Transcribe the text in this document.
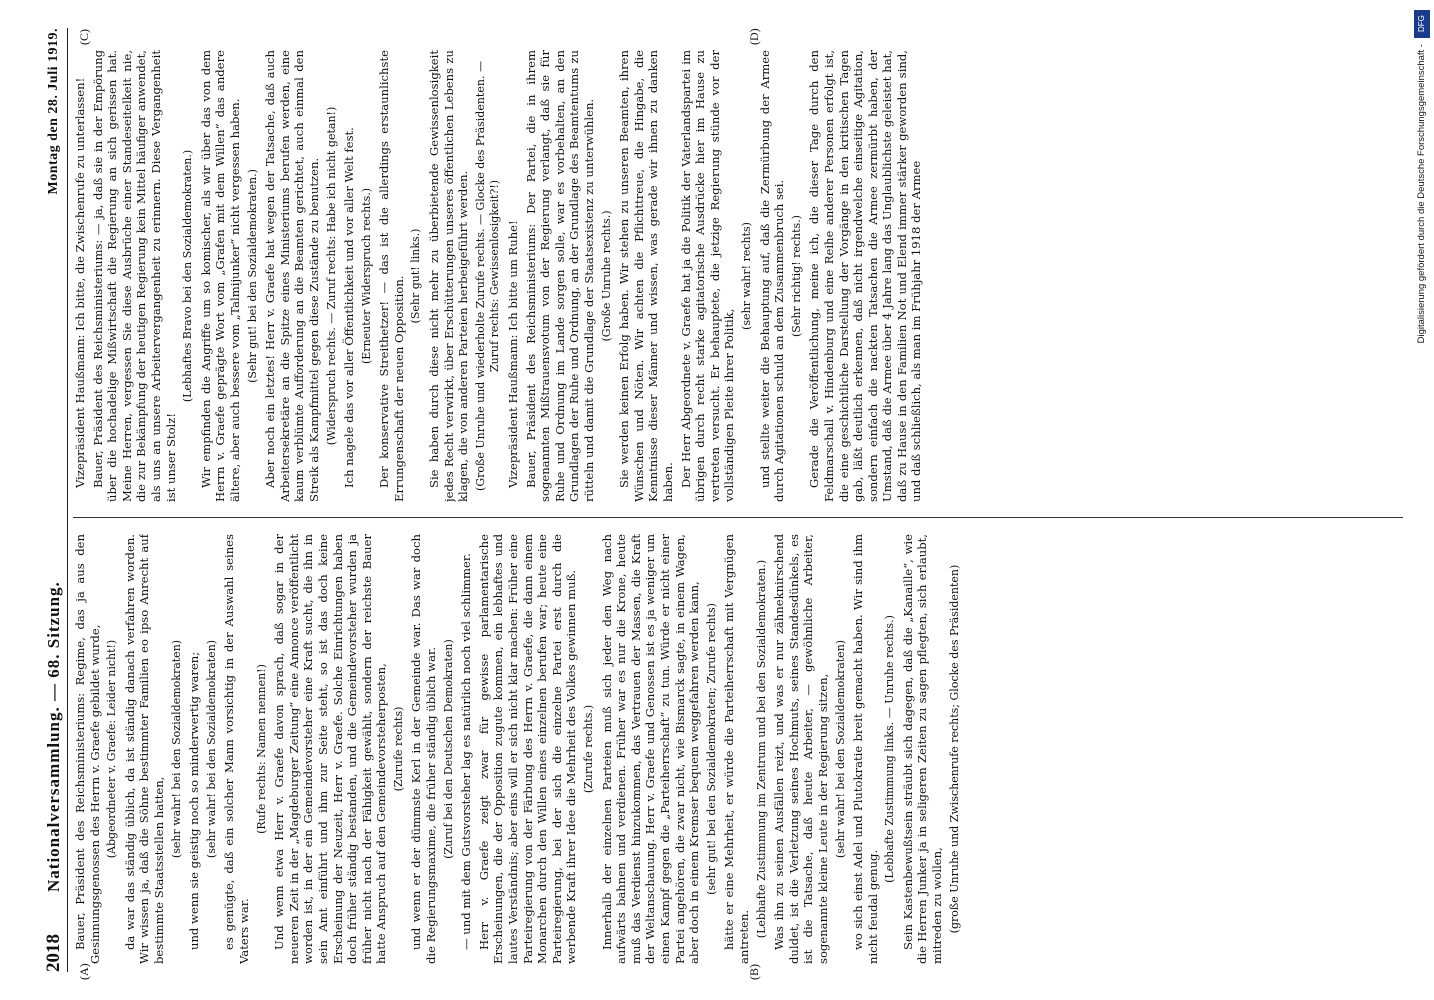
2018
Nationalversammlung. — 68. Sitzung.
Montag den 28. Juli 1919.
(A)	(B)
(C)	(D)

Bauer, Präsident des Reichsministeriums: Regime, das ja aus den Gesinnungsgenossen des Herrn v. Graefe gebildet wurde, (Abgeordneter v. Graefe: Leider nicht!) da war das ständig üblich, da ist ständig danach verfahren worden. Wir wissen ja, daß die Söhne bestimmter Familien eo ipso Anrecht auf bestimmte Staatsstellen hatten,

(sehr wahr! bei den Sozialdemokraten) und wenn sie geistig noch so minderwertig waren; (sehr wahr! bei den Sozialdemokraten) es genügte, daß ein solcher Mann vorsichtig in der Auswahl seines Vaters war.

(Rufe rechts: Namen nennen!) Und wenn etwa Herr v. Graefe davon sprach, daß sogar in der neueren Zeit in der „Magdeburger Zeitung“ eine Annonce veröffentlicht worden ist, in der ein Gemeindevorsteher eine Kraft sucht, die ihn in sein Amt einführt und ihm zur Seite steht, so ist das doch keine Erscheinung der Neuzeit, Herr v. Graefe. Solche Einrichtungen haben doch früher ständig bestanden, und die Gemeindevorsteher wurden ja früher nicht nach der Fähigkeit gewählt, sondern der reichste Bauer hatte Anspruch auf den Gemeindevorsteherposten, (Zurufe rechts) und wenn er der dümmste Kerl in der Gemeinde war. Das war doch die Regierungsmaxime, die früher ständig üblich war. (Zuruf bei den Deutschen Demokraten) — und mit dem Gutsvorsteher lag es natürlich noch viel schlimmer. Herr v. Graefe zeigt zwar für gewisse parlamentarische Erscheinungen, die der Opposition zugute kommen, ein lebhaftes und lautes Verständnis; aber eins will er sich nicht klar machen: Früher eine Parteiregierung von der Färbung des Herrn v. Graefe, die dann einem Monarchen durch den Willen eines einzelnen berufen war; heute eine Parteiregierung, bei der sich die einzelne Partei erst durch die werbende Kraft ihrer Idee die Mehrheit des Volkes gewinnen muß. (Zurufe rechts.) Innerhalb der einzelnen Parteien muß sich jeder den Weg nach aufwärts bahnen und verdienen. Früher war es nur die Krone, heute muß das Verdienst hinzukommen, das Vertrauen der Massen, die Kraft der Weltanschauung. Herr v. Graefe und Genossen ist es ja weniger um einen Kampf gegen die „Parteiherrschaft“ zu tun. Würde er nicht einer Partei angehören, die zwar nicht, wie Bismarck sagte, in einem Wagen, aber doch in einem Kremser bequem weggefahren werden kann, (sehr gut! bei den Sozialdemokraten; Zurufe rechts) hätte er eine Mehrheit, er würde die Parteiherrschaft mit Vergnügen antreten. (Lebhafte Zustimmung im Zentrum und bei den Sozialdemokraten.) Was ihn zu seinen Ausfällen reizt, und was er nur zähneknirschend duldet, ist die Verletzung seines Hochmuts, seines Standesdünkels, es ist die Tatsache, daß heute Arbeiter, — gewöhnliche Arbeiter, sogenannte kleine Leute in der Regierung sitzen, (sehr wahr! bei den Sozialdemokraten) wo sich einst Adel und Plutokratie breit gemacht haben. Wir sind ihm nicht feudal genug.

(Lebhafte Zustimmung links. — Unruhe rechts.) Sein Kastenbewußtsein sträubt sich dagegen, daß die „Kanaille“, wie die Herren Junker ja in seligeren Zeiten zu sagen pflegten, sich erlaubt, mitreden zu wollen, (große Unruhe und Zwischenrufe rechts; Glocke des Präsidenten)

Vizepräsident Haußmann: Ich bitte, die Zwischenrufe zu unterlassen! Bauer, Präsident des Reichsministeriums: — ja, daß sie in der Empörung über die hochadelige Mißwirtschaft die Regierung an sich gerissen hat. Meine Herren, vergessen Sie diese Ausbrüche einer Standeseitelkeit nie, die zur Bekämpfung der heutigen Regierung kein Mittel häufiger anwendet, als uns an unsere Arbeitervergangenheit zu erinnern. Diese Vergangenheit ist unser Stolz!

(Lebhaftes Bravo bei den Sozialdemokraten.) Wir empfinden die Angriffe um so komischer, als wir über das von dem Herrn v. Graefe geprägte Wort vom „Grafen mit dem Willen“ das andere ältere, aber auch bessere vom „Talmijunker“ nicht vergessen haben. (Sehr gut! bei den Sozialdemokraten.) Aber noch ein letztes! Herr v. Graefe hat wegen der Tatsache, daß auch Arbeitersekretäre an die Spitze eines Ministeriums berufen werden, eine kaum verblümte Aufforderung an die Beamten gerichtet, auch einmal den Streik als Kampfmittel gegen diese Zustände zu benutzen. (Widerspruch rechts. — Zuruf rechts: Habe ich nicht getan!) Ich nagele das vor aller Öffentlichkeit und vor aller Welt fest. (Erneuter Widerspruch rechts.) Der konservative Streithetzer! — das ist die allerdings erstaunlichste Errungenschaft der neuen Opposition. (Sehr gut! links.) Sie haben durch diese nicht mehr zu überbietende Gewissenlosigkeit jedes Recht verwirkt, über Erschütterungen unseres öffentlichen Lebens zu klagen, die von anderen Parteien herbeigeführt werden. (Große Unruhe und wiederholte Zurufe rechts. — Glocke des Präsidenten. — Zuruf rechts: Gewissenlosigkeit?!) Vizepräsident Haußmann: Ich bitte um Ruhe! Bauer, Präsident des Reichsministeriums: Der Partei, die in ihrem sogenannten Mißtrauensvotum von der Regierung verlangt, daß sie für Ruhe und Ordnung im Lande sorgen solle, war es vorbehalten, an den Grundlagen der Ruhe und Ordnung, an der Grundlage des Beamtentums zu rütteln und damit die Grundlage der Staatsexistenz zu unterwühlen. (Große Unruhe rechts.) Sie werden keinen Erfolg haben. Wir stehen zu unseren Beamten, ihren Wünschen und Nöten. Wir achten die Pflichttreue, die Hingabe, die Kenntnisse dieser Männer und wissen, was gerade wir ihnen zu danken haben. Der Herr Abgeordnete v. Graefe hat ja die Politik der Vaterlandspartei im übrigen durch recht starke agitatorische Ausdrücke hier im Hause zu vertreten versucht. Er behauptete, die jetzige Regierung stünde vor der vollständigen Pleite ihrer Politik,

(sehr wahr! rechts) und stellte weiter die Behauptung auf, daß die Zermürbung der Armee durch Agitationen schuld an dem Zusammenbruch sei. (Sehr richtig! rechts.) Gerade die Veröffentlichung, meine ich, die dieser Tage durch den Feldmarschall v. Hindenburg und eine Reihe anderer Personen erfolgt ist, die eine geschichtliche Darstellung der Vorgänge in den kritischen Tagen gab, läßt deutlich erkennen, daß nicht irgendwelche einseitige Agitation, sondern einfach die nackten Tatsachen die Armee zermürbt haben, der Umstand, daß die Armee über 4 Jahre lang das Unglaublichste geleistet hat, daß zu Hause in den Familien Not und Elend immer stärker geworden sind, und daß schließlich, als man im Frühjahr 1918 der Armee

DFG
Digitalisierung gefördert durch die Deutsche Forschungsgemeinschaft -
